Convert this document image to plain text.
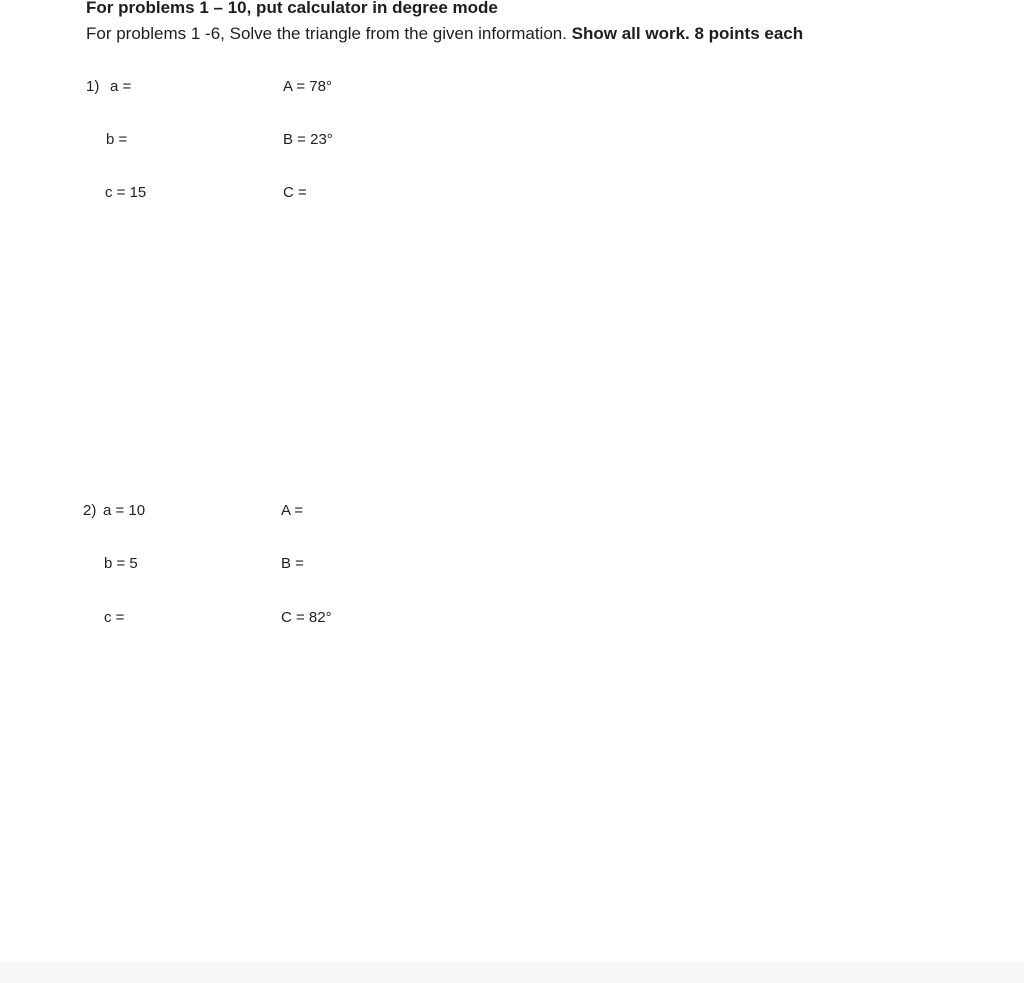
For problems 1 – 10, put calculator in degree mode
For problems 1 -6, Solve the triangle from the given information. Show all work. 8 points each
1) a =
b =
c = 15
A = 78°
B = 23°
C =
2) a = 10
b = 5
c =
A =
B =
C = 82°
